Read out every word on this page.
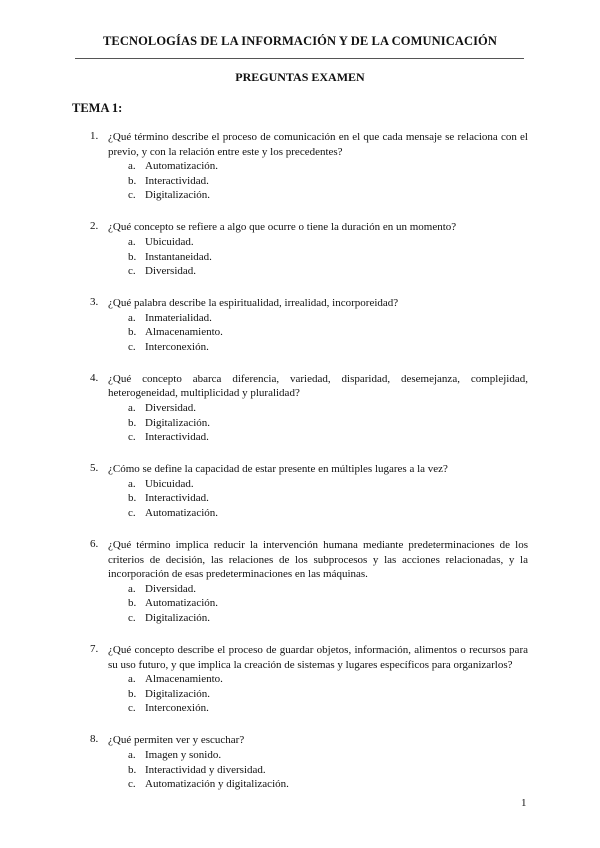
TECNOLOGÍAS DE LA INFORMACIÓN Y DE LA COMUNICACIÓN
PREGUNTAS EXAMEN
TEMA 1:
1. ¿Qué término describe el proceso de comunicación en el que cada mensaje se relaciona con el previo, y con la relación entre este y los precedentes?
a. Automatización.
b. Interactividad.
c. Digitalización.
2. ¿Qué concepto se refiere a algo que ocurre o tiene la duración en un momento?
a. Ubicuidad.
b. Instantaneidad.
c. Diversidad.
3. ¿Qué palabra describe la espiritualidad, irrealidad, incorporeidad?
a. Inmaterialidad.
b. Almacenamiento.
c. Interconexión.
4. ¿Qué concepto abarca diferencia, variedad, disparidad, desemejanza, complejidad, heterogeneidad, multiplicidad y pluralidad?
a. Diversidad.
b. Digitalización.
c. Interactividad.
5. ¿Cómo se define la capacidad de estar presente en múltiples lugares a la vez?
a. Ubicuidad.
b. Interactividad.
c. Automatización.
6. ¿Qué término implica reducir la intervención humana mediante predeterminaciones de los criterios de decisión, las relaciones de los subprocesos y las acciones relacionadas, y la incorporación de esas predeterminaciones en las máquinas.
a. Diversidad.
b. Automatización.
c. Digitalización.
7. ¿Qué concepto describe el proceso de guardar objetos, información, alimentos o recursos para su uso futuro, y que implica la creación de sistemas y lugares específicos para organizarlos?
a. Almacenamiento.
b. Digitalización.
c. Interconexión.
8. ¿Qué permiten ver y escuchar?
a. Imagen y sonido.
b. Interactividad y diversidad.
c. Automatización y digitalización.
1
